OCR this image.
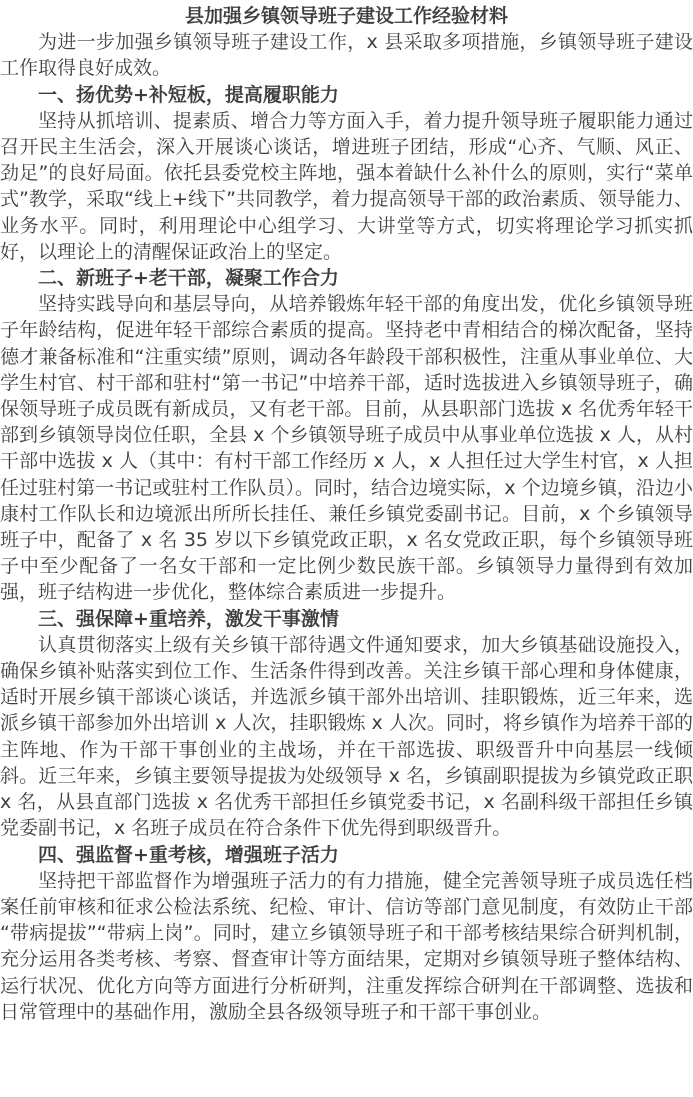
县加强乡镇领导班子建设工作经验材料

为进一步加强乡镇领导班子建设工作，x 县采取多项措施，乡镇领导班子建设工作取得良好成效。

一、扬优势+补短板，提高履职能力

坚持从抓培训、提素质、增合力等方面入手，着力提升领导班子履职能力通过召开民主生活会，深入开展谈心谈话，增进班子团结，形成“心齐、气顺、风正、劲足”的良好局面。依托县委党校主阵地，强本着缺什么补什么的原则，实行“菜单式”教学，采取“线上+线下”共同教学，着力提高领导干部的政治素质、领导能力、业务水平。同时，利用理论中心组学习、大讲堂等方式，切实将理论学习抓实抓好，以理论上的清醒保证政治上的坚定。

二、新班子+老干部，凝聚工作合力

坚持实践导向和基层导向，从培养锻炼年轻干部的角度出发，优化乡镇领导班子年龄结构，促进年轻干部综合素质的提高。坚持老中青相结合的梯次配备，坚持德才兼备标准和“注重实绩”原则，调动各年龄段干部积极性，注重从事业单位、大学生村官、村干部和驻村“第一书记”中培养干部，适时选拔进入乡镇领导班子，确保领导班子成员既有新成员，又有老干部。目前，从县职部门选拔 x 名优秀年轻干部到乡镇领导岗位任职，全县 x 个乡镇领导班子成员中从事业单位选拔 x 人，从村干部中选拔 x 人（其中：有村干部工作经历 x 人，x 人担任过大学生村官，x 人担任过驻村第一书记或驻村工作队员）。同时，结合边境实际，x 个边境乡镇，沿边小康村工作队长和边境派出所所长挂任、兼任乡镇党委副书记。目前，x 个乡镇领导班子中，配备了 x 名 35 岁以下乡镇党政正职，x 名女党政正职，每个乡镇领导班子中至少配备了一名女干部和一定比例少数民族干部。乡镇领导力量得到有效加强，班子结构进一步优化，整体综合素质进一步提升。

三、强保障+重培养，激发干事激情

认真贯彻落实上级有关乡镇干部待遇文件通知要求，加大乡镇基础设施投入，确保乡镇补贴落实到位工作、生活条件得到改善。关注乡镇干部心理和身体健康，适时开展乡镇干部谈心谈话，并选派乡镇干部外出培训、挂职锻炼，近三年来，选派乡镇干部参加外出培训 x 人次，挂职锻炼 x 人次。同时，将乡镇作为培养干部的主阵地、作为干部干事创业的主战场，并在干部选拔、职级晋升中向基层一线倾斜。近三年来，乡镇主要领导提拔为处级领导 x 名，乡镇副职提拔为乡镇党政正职 x 名，从县直部门选拔 x 名优秀干部担任乡镇党委书记，x 名副科级干部担任乡镇党委副书记，x 名班子成员在符合条件下优先得到职级晋升。

四、强监督+重考核，增强班子活力

坚持把干部监督作为增强班子活力的有力措施，健全完善领导班子成员选任档案任前审核和征求公检法系统、纪检、审计、信访等部门意见制度，有效防止干部“带病提拔”“带病上岗”。同时，建立乡镇领导班子和干部考核结果综合研判机制，充分运用各类考核、考察、督查审计等方面结果，定期对乡镇领导班子整体结构、运行状况、优化方向等方面进行分析研判，注重发挥综合研判在干部调整、选拔和日常管理中的基础作用，激励全县各级领导班子和干部干事创业。
